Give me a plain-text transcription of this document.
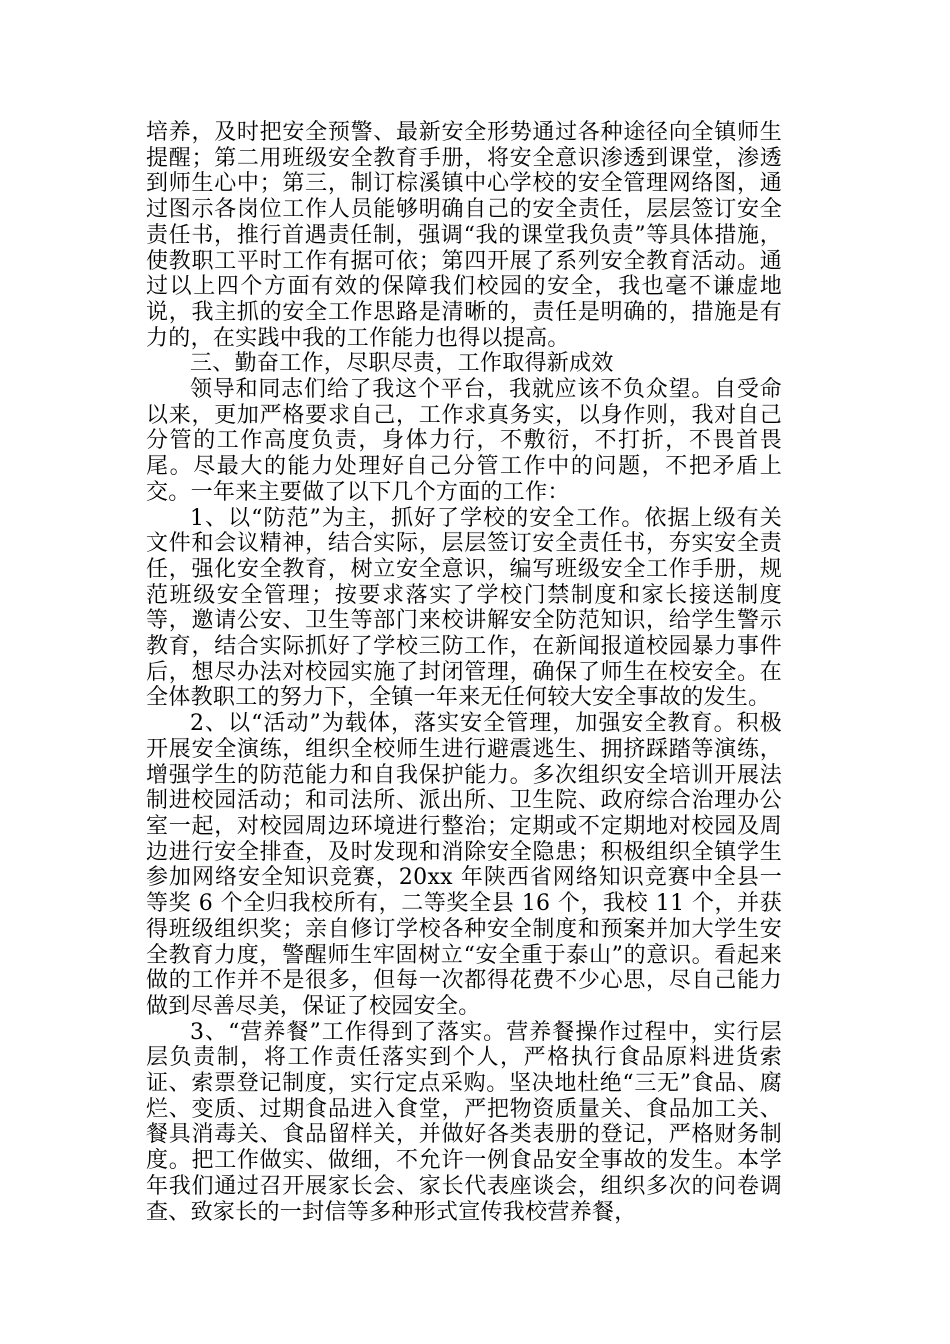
培养，及时把安全预警、最新安全形势通过各种途径向全镇师生提醒；第二用班级安全教育手册，将安全意识渗透到课堂，渗透到师生心中；第三，制订棕溪镇中心学校的安全管理网络图，通过图示各岗位工作人员能够明确自己的安全责任，层层签订安全责任书，推行首遇责任制，强调“我的课堂我负责”等具体措施，使教职工平时工作有据可依；第四开展了系列安全教育活动。通过以上四个方面有效的保障我们校园的安全，我也毫不谦虚地说，我主抓的安全工作思路是清晰的，责任是明确的，措施是有力的，在实践中我的工作能力也得以提高。

三、勤奋工作，尽职尽责，工作取得新成效

领导和同志们给了我这个平台，我就应该不负众望。自受命以来，更加严格要求自己，工作求真务实，以身作则，我对自己分管的工作高度负责，身体力行，不敷衍，不打折，不畏首畏尾。尽最大的能力处理好自己分管工作中的问题，不把矛盾上交。一年来主要做了以下几个方面的工作：

1、以“防范”为主，抓好了学校的安全工作。依据上级有关文件和会议精神，结合实际，层层签订安全责任书，夯实安全责任，强化安全教育，树立安全意识，编写班级安全工作手册，规范班级安全管理；按要求落实了学校门禁制度和家长接送制度等，邀请公安、卫生等部门来校讲解安全防范知识，给学生警示教育，结合实际抓好了学校三防工作，在新闻报道校园暴力事件后，想尽办法对校园实施了封闭管理，确保了师生在校安全。在全体教职工的努力下，全镇一年来无任何较大安全事故的发生。

2、以“活动”为载体，落实安全管理，加强安全教育。积极开展安全演练，组织全校师生进行避震逃生、拥挤踩踏等演练，增强学生的防范能力和自我保护能力。多次组织安全培训开展法制进校园活动；和司法所、派出所、卫生院、政府综合治理办公室一起，对校园周边环境进行整治；定期或不定期地对校园及周边进行安全排查，及时发现和消除安全隐患；积极组织全镇学生参加网络安全知识竞赛，20xx 年陕西省网络知识竞赛中全县一等奖 6 个全归我校所有，二等奖全县 16 个，我校 11 个，并获得班级组织奖；亲自修订学校各种安全制度和预案并加大学生安全教育力度，警醒师生牢固树立“安全重于泰山”的意识。看起来做的工作并不是很多，但每一次都得花费不少心思，尽自己能力做到尽善尽美，保证了校园安全。

3、“营养餐”工作得到了落实。营养餐操作过程中，实行层层负责制，将工作责任落实到个人，严格执行食品原料进货索证、索票登记制度，实行定点采购。坚决地杜绝“三无”食品、腐烂、变质、过期食品进入食堂，严把物资质量关、食品加工关、餐具消毒关、食品留样关，并做好各类表册的登记，严格财务制度。把工作做实、做细，不允许一例食品安全事故的发生。本学年我们通过召开展家长会、家长代表座谈会，组织多次的问卷调查、致家长的一封信等多种形式宣传我校营养餐，
